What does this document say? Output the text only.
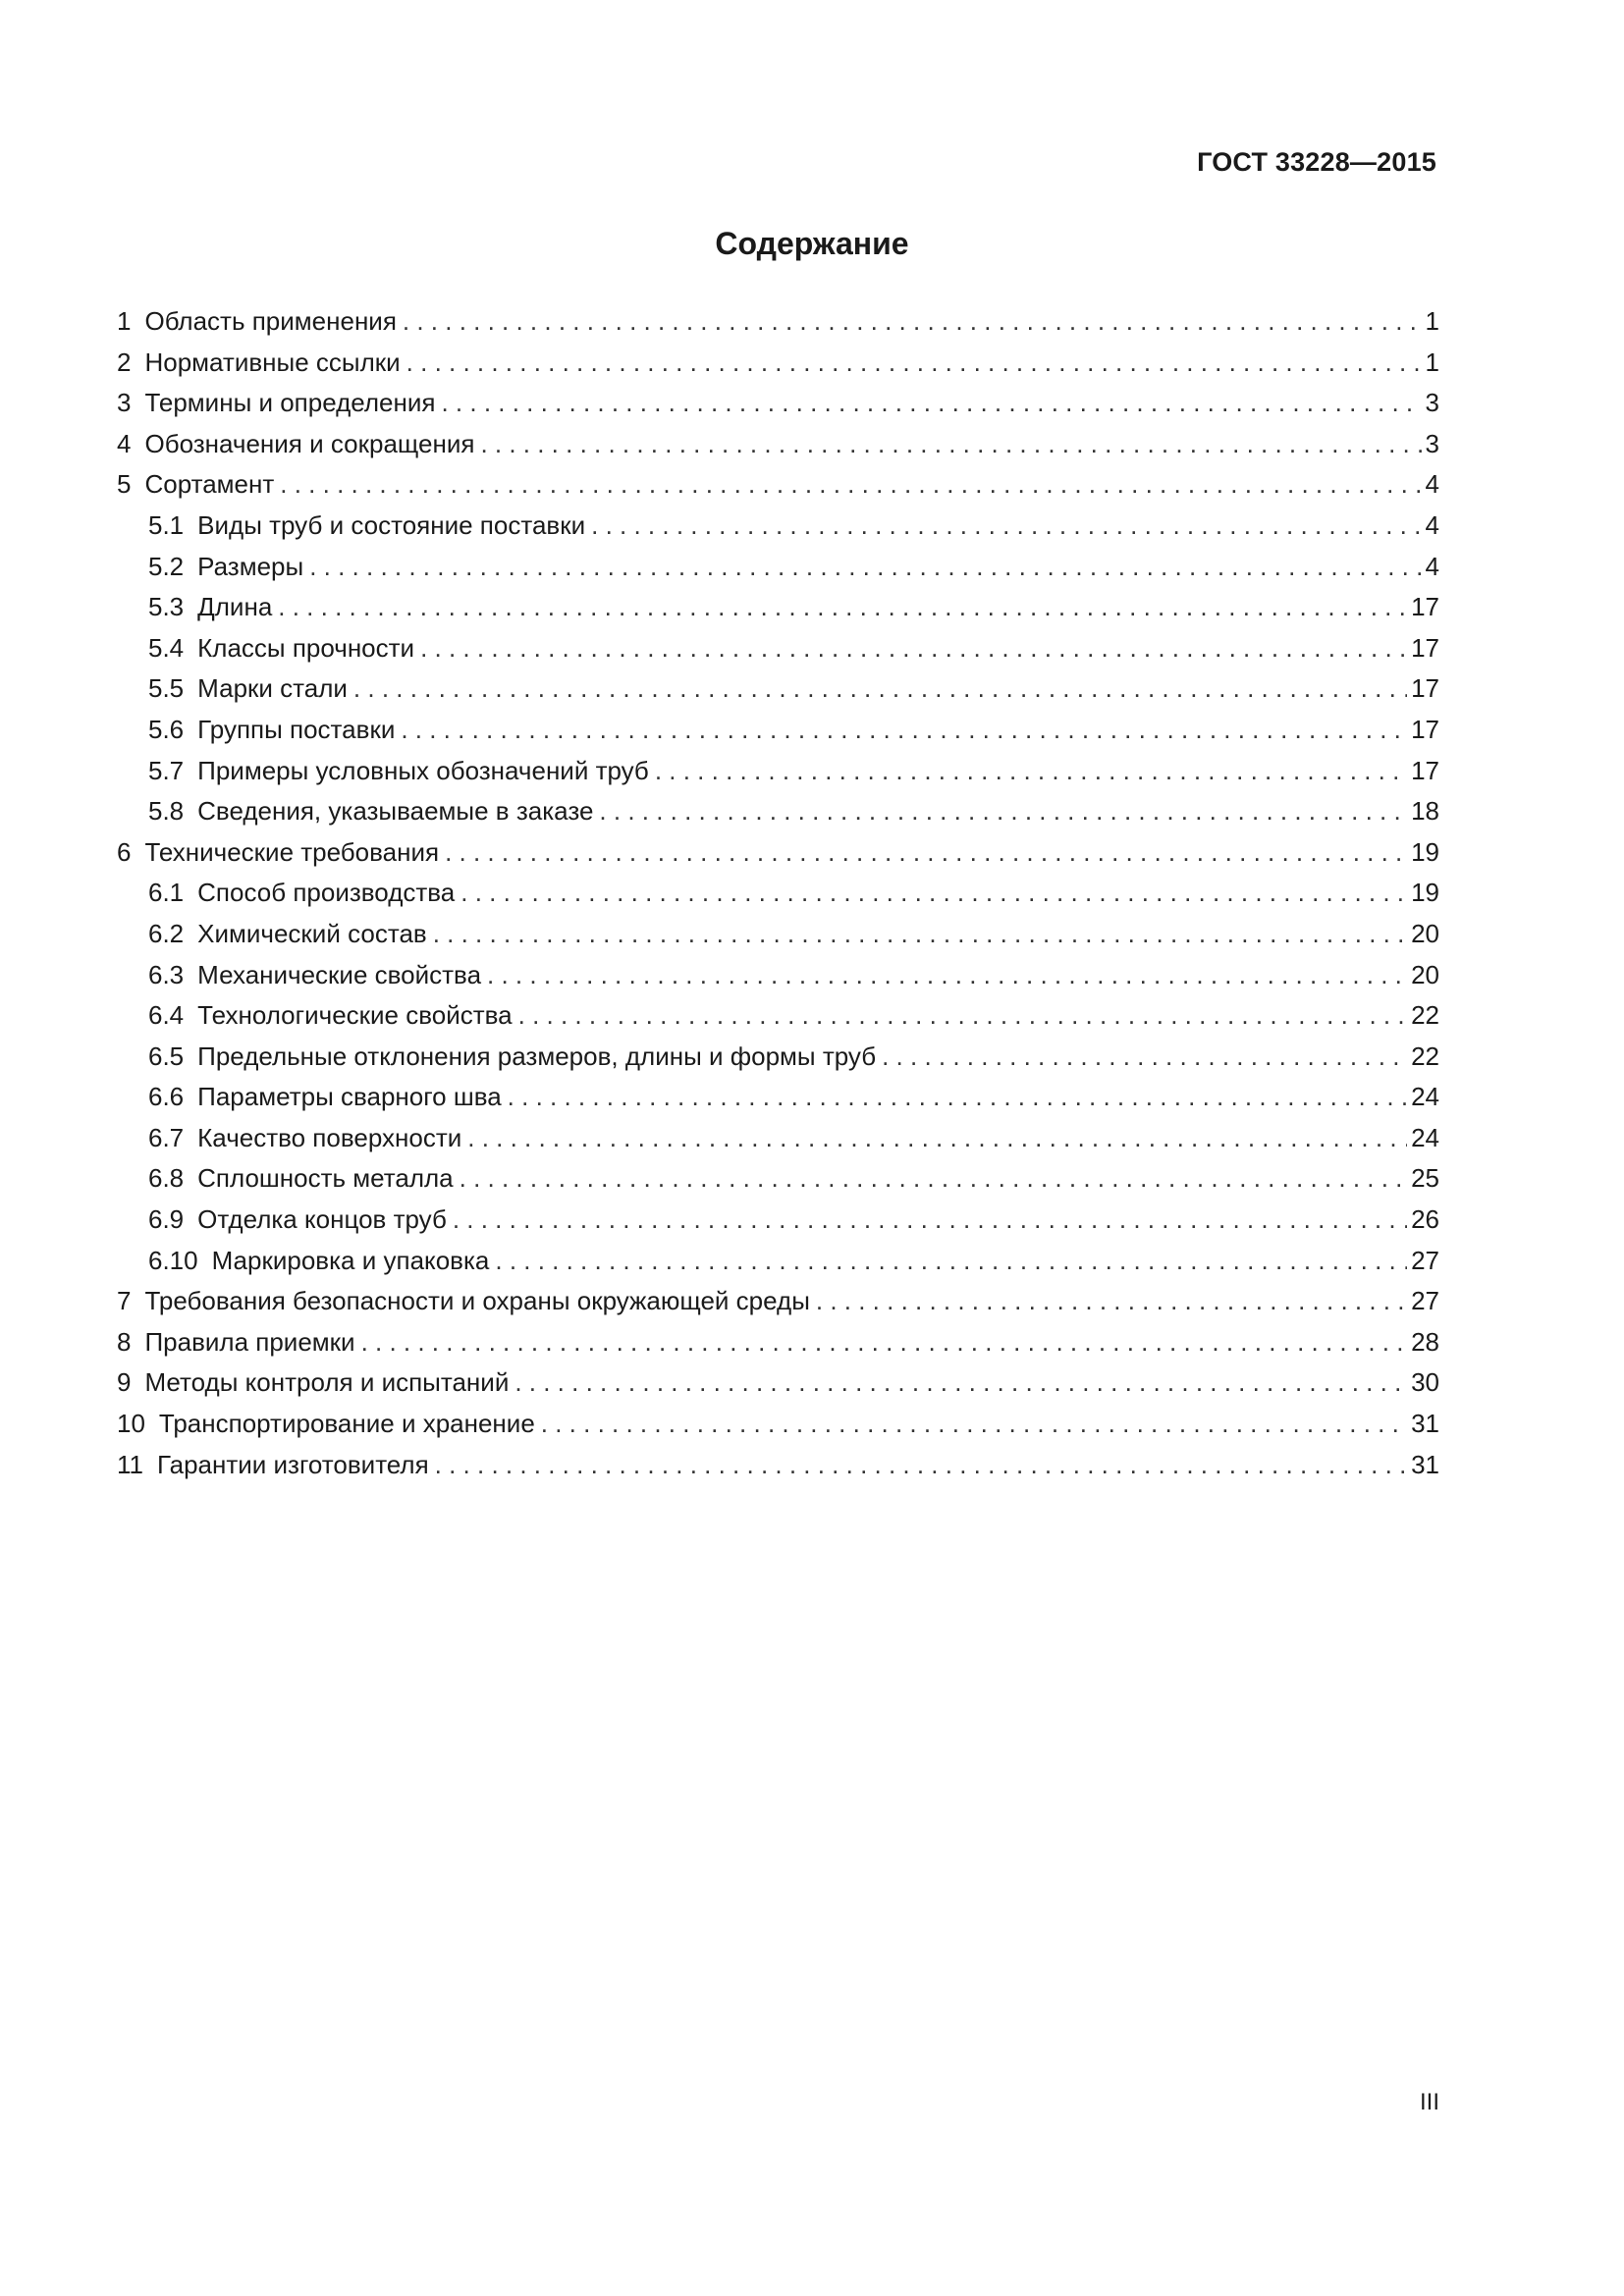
ГОСТ 33228—2015
Содержание
1 Область применения . . .	1
2 Нормативные ссылки . . .	1
3 Термины и определения . . .	3
4 Обозначения и сокращения . . .	3
5 Сортамент . . .	4
5.1 Виды труб и состояние поставки . . .	4
5.2 Размеры . . .	4
5.3 Длина . . .	17
5.4 Классы прочности . . .	17
5.5 Марки стали . . .	17
5.6 Группы поставки . . .	17
5.7 Примеры условных обозначений труб . . .	17
5.8 Сведения, указываемые в заказе . . .	18
6 Технические требования . . .	19
6.1 Способ производства . . .	19
6.2 Химический состав . . .	20
6.3 Механические свойства . . .	20
6.4 Технологические свойства . . .	22
6.5 Предельные отклонения размеров, длины и формы труб . . .	22
6.6 Параметры сварного шва . . .	24
6.7 Качество поверхности . . .	24
6.8 Сплошность металла . . .	25
6.9 Отделка концов труб . . .	26
6.10 Маркировка и упаковка . . .	27
7 Требования безопасности и охраны окружающей среды . . .	27
8 Правила приемки . . .	28
9 Методы контроля и испытаний . . .	30
10 Транспортирование и хранение . . .	31
11 Гарантии изготовителя . . .	31
III
